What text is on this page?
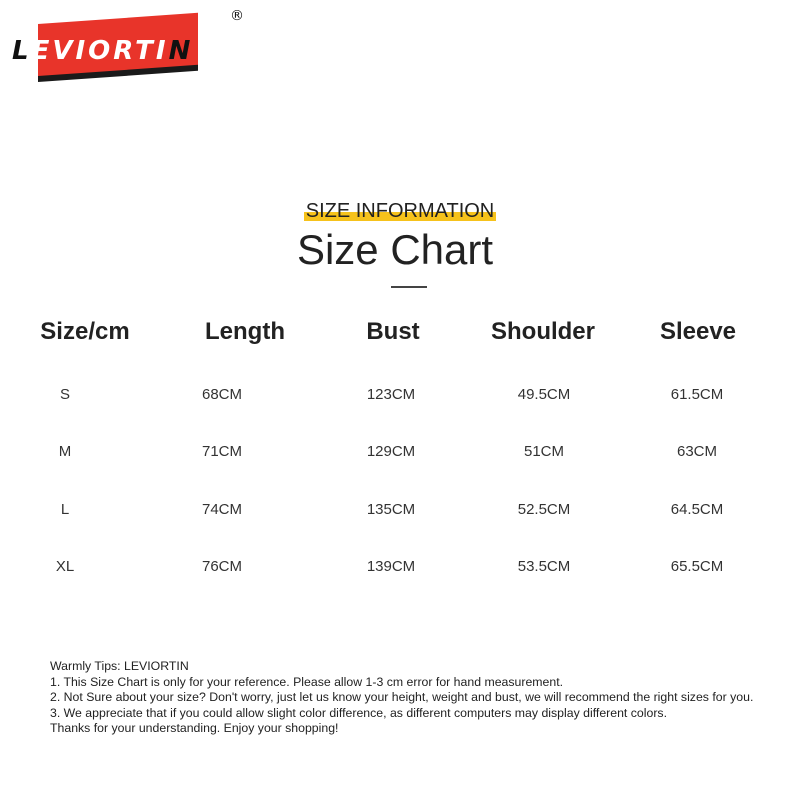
LEVIORTIN
®
SIZE INFORMATION
Size Chart
Size/cm	Length	Bust	Shoulder	Sleeve
S	68CM	123CM	49.5CM	61.5CM
M	71CM	129CM	51CM	63CM
L	74CM	135CM	52.5CM	64.5CM
XL	76CM	139CM	53.5CM	65.5CM
Warmly Tips: LEVIORTIN
1. This Size Chart is only for your reference. Please allow 1-3 cm error for hand measurement.
2. Not Sure about your size? Don't worry, just let us know your height, weight and bust, we will recommend the right sizes for you.
3. We appreciate that if you could allow slight color difference, as different computers may display different colors.
Thanks for your understanding. Enjoy your shopping!
